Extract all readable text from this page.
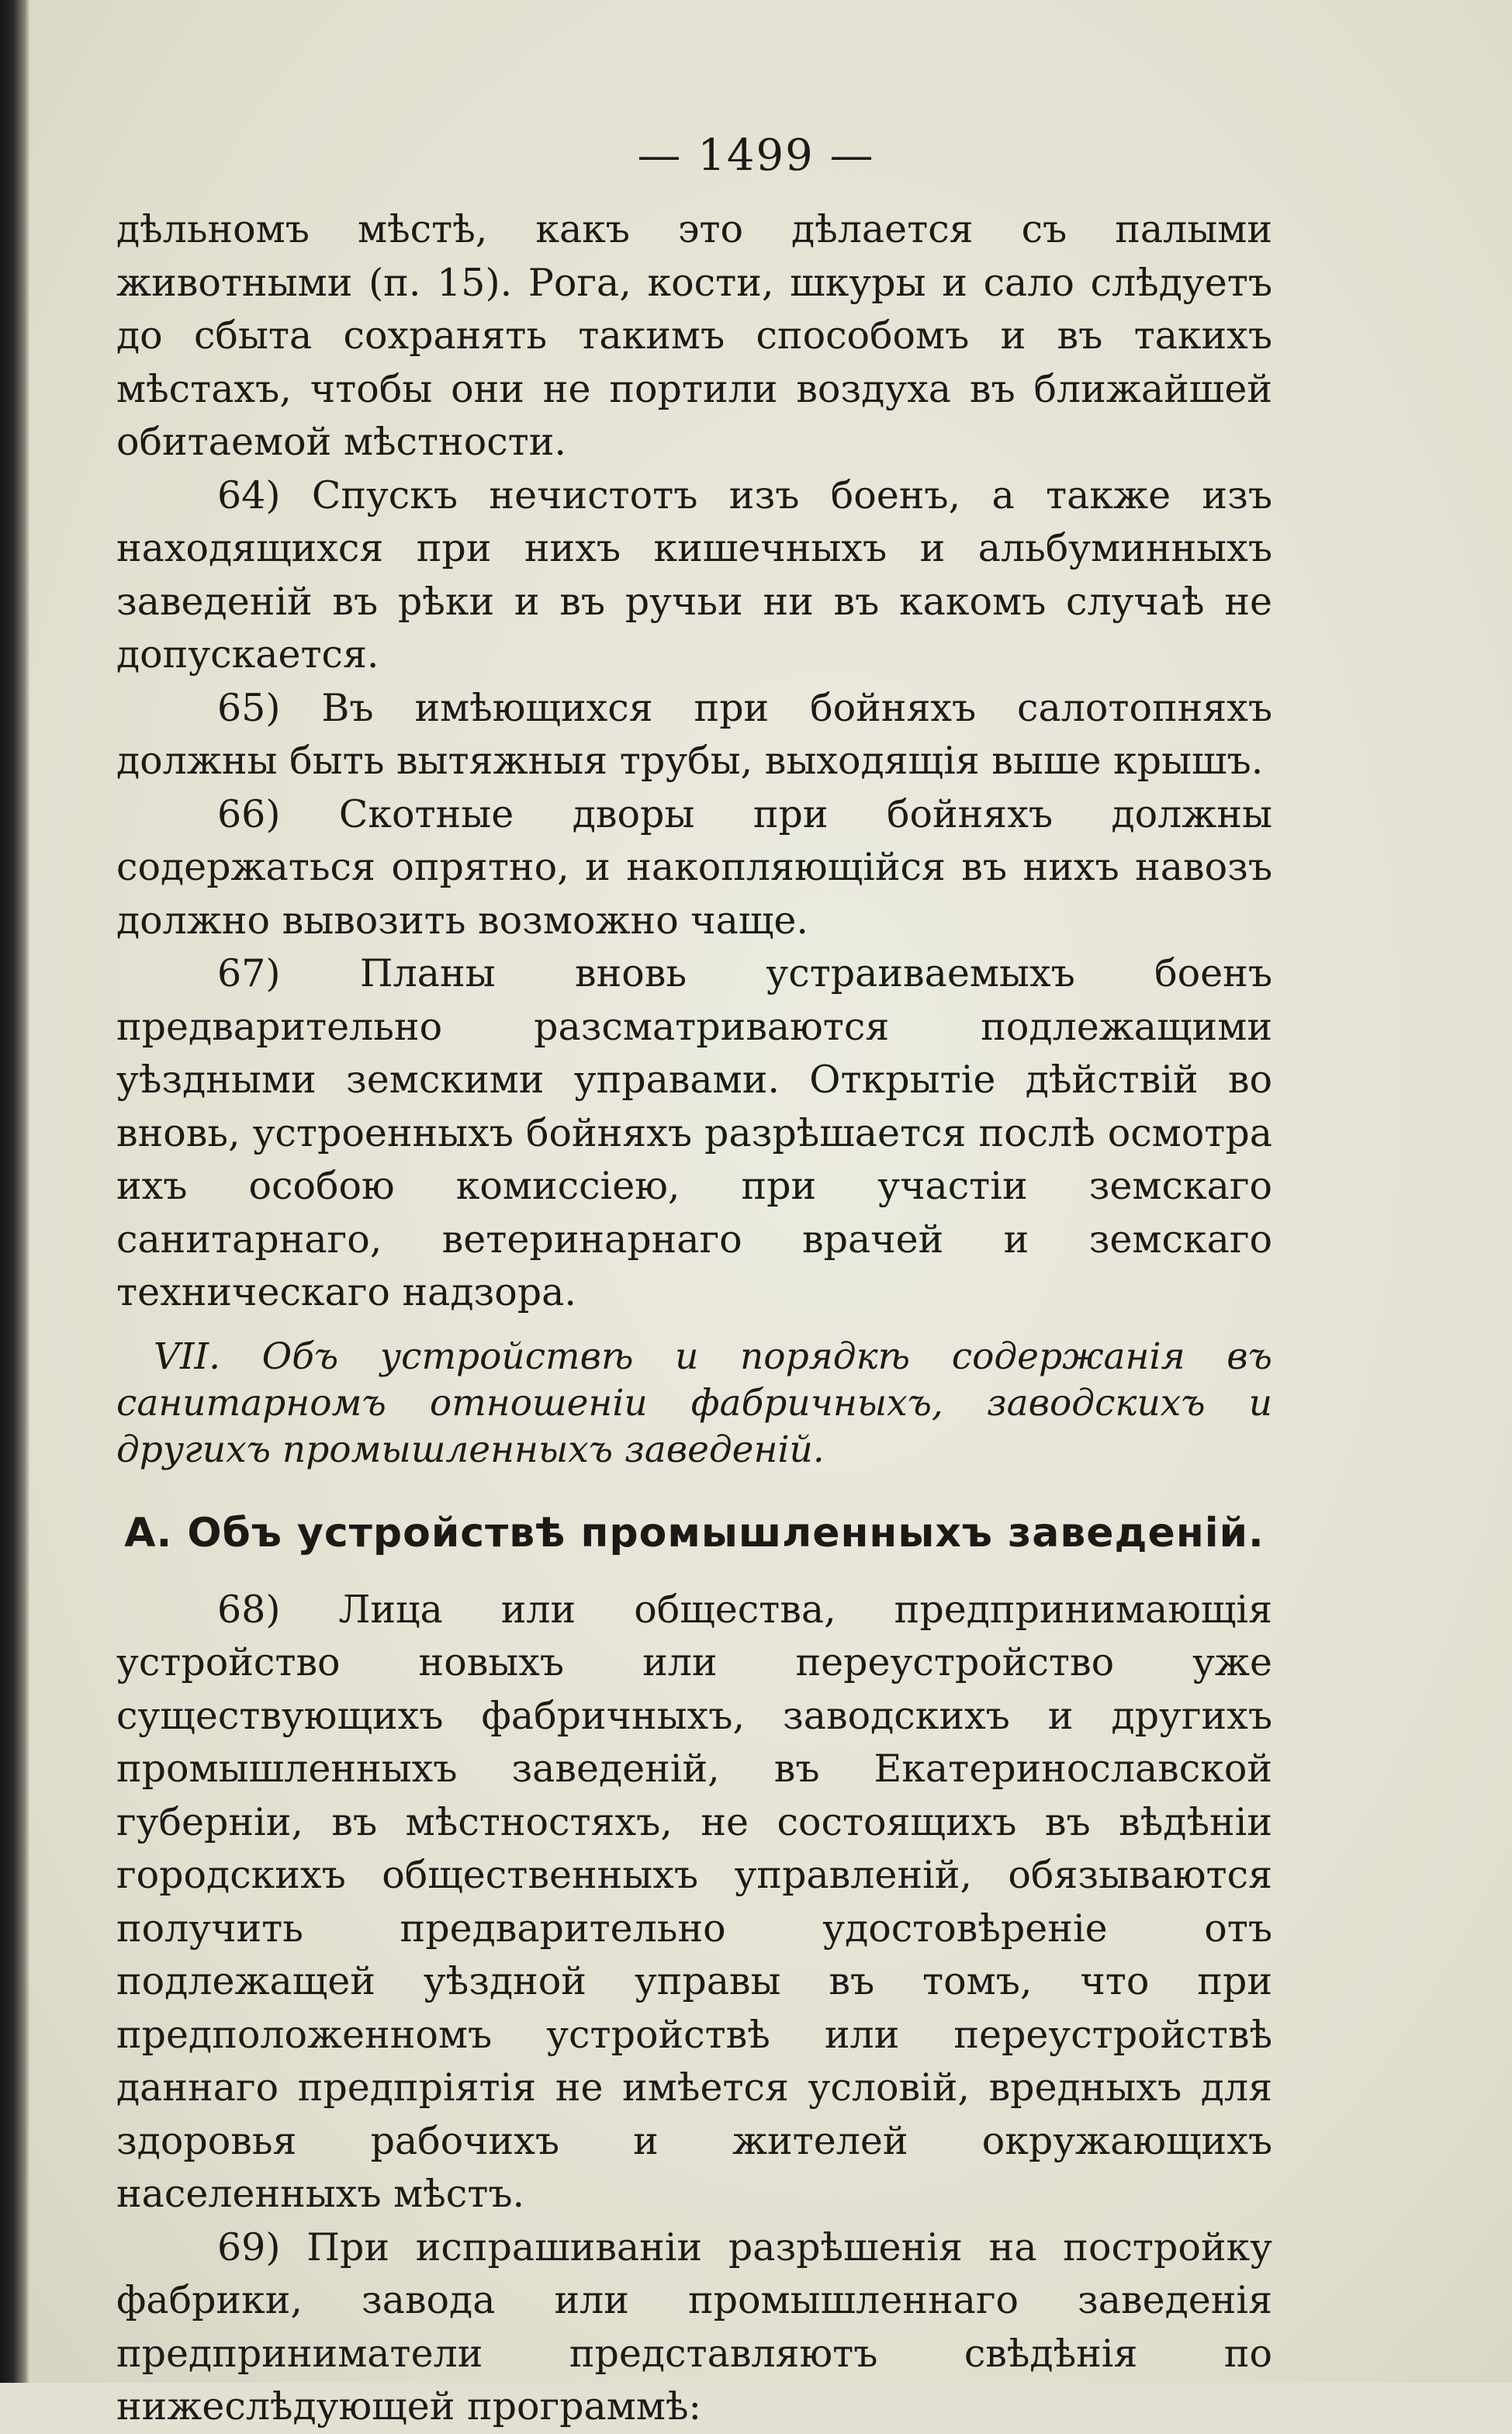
— 1499 —

дѣльномъ мѣстѣ, какъ это дѣлается съ палыми животными (п. 15). Рога, кости, шкуры и сало слѣдуетъ до сбыта сохранять такимъ способомъ и въ такихъ мѣстахъ, чтобы они не портили воздуха въ ближайшей обитаемой мѣстности.

64) Спускъ нечистотъ изъ боенъ, а также изъ находящихся при нихъ кишечныхъ и альбуминныхъ заведеній въ рѣки и въ ручьи ни въ какомъ случаѣ не допускается.

65) Въ имѣющихся при бойняхъ салотопняхъ должны быть вытяжныя трубы, выходящія выше крышъ.

66) Скотные дворы при бойняхъ должны содержаться опрятно, и накопляющійся въ нихъ навозъ должно вывозить возможно чаще.

67) Планы вновь устраиваемыхъ боенъ предварительно разсматриваются подлежащими уѣздными земскими управами. Открытіе дѣйствій во вновь, устроенныхъ бойняхъ разрѣшается послѣ осмотра ихъ особою комиссіею, при участіи земскаго санитарнаго, ветеринарнаго врачей и земскаго техническаго надзора.

VII. Объ устройствѣ и порядкѣ содержанія въ санитарномъ отношеніи фабричныхъ, заводскихъ и другихъ промышленныхъ заведеній.

А. Объ устройствѣ промышленныхъ заведеній.

68) Лица или общества, предпринимающія устройство новыхъ или переустройство уже существующихъ фабричныхъ, заводскихъ и другихъ промышленныхъ заведеній, въ Екатеринославской губерніи, въ мѣстностяхъ, не состоящихъ въ вѣдѣніи городскихъ общественныхъ управленій, обязываются получить предварительно удостовѣреніе отъ подлежащей уѣздной управы въ томъ, что при предположенномъ устройствѣ или переустройствѣ даннаго предпріятія не имѣется условій, вредныхъ для здоровья рабочихъ и жителей окружающихъ населенныхъ мѣстъ.

69) При испрашиваніи разрѣшенія на постройку фабрики, завода или промышленнаго заведенія предприниматели представляютъ свѣдѣнія по нижеслѣдующей программѣ:
